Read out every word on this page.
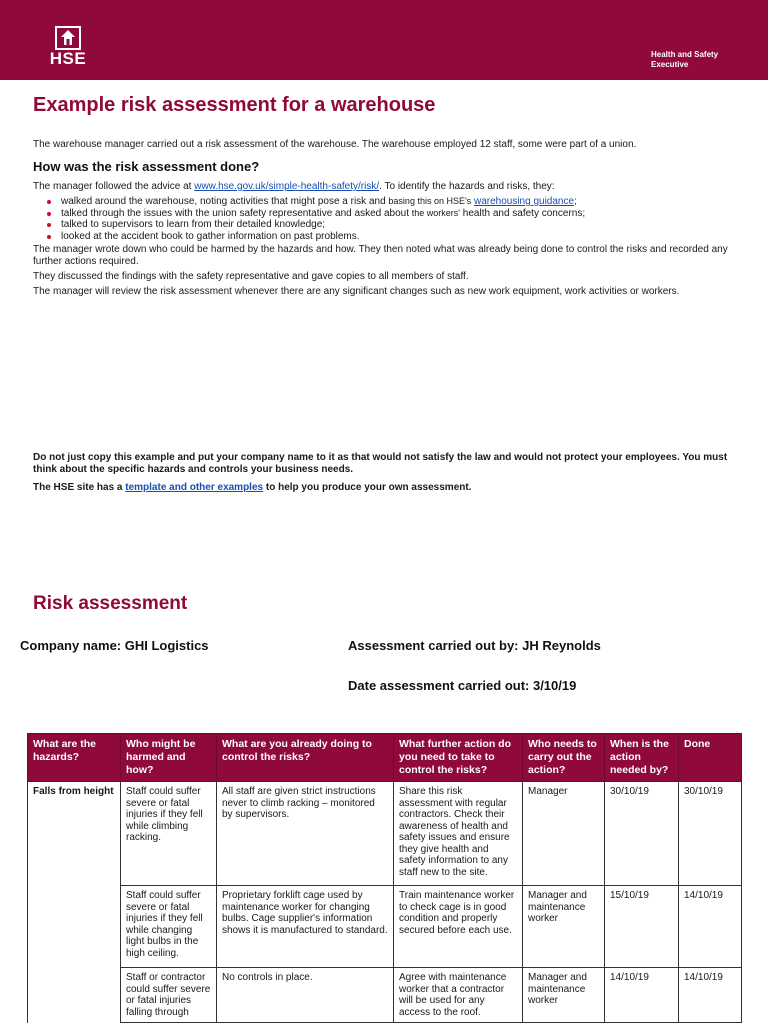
HSE	Health and Safety
Executive
Example risk assessment for a warehouse

The warehouse manager carried out a risk assessment of the warehouse. The warehouse employed 12 staff, some were part of a union.

How was the risk assessment done?

The manager followed the advice at www.hse.gov.uk/simple-health-safety/risk/. To identify the hazards and risks, they:

walked around the warehouse, noting activities that might pose a risk and basing this on HSE's warehousing guidance;
talked through the issues with the union safety representative and asked about the workers' health and safety concerns;
talked to supervisors to learn from their detailed knowledge;
looked at the accident book to gather information on past problems.

The manager wrote down who could be harmed by the hazards and how. They then noted what was already being done to control the risks and recorded any further actions required.

They discussed the findings with the safety representative and gave copies to all members of staff.

The manager will review the risk assessment whenever there are any significant changes such as new work equipment, work activities or workers.

Do not just copy this example and put your company name to it as that would not satisfy the law and would not protect your employees. You must think about the specific hazards and controls your business needs.

The HSE site has a template and other examples to help you produce your own assessment.

Risk assessment
Company name: GHI Logistics	Assessment carried out by: JH Reynolds
Date assessment carried out: 3/10/19
What are the hazards?	Who might be harmed and how?	What are you already doing to control the risks?	What further action do you need to take to control the risks?	Who needs to carry out the action?	When is the action needed by?	Done
Falls from height	Staff could suffer severe or fatal injuries if they fell while climbing racking.	All staff are given strict instructions never to climb racking – monitored by supervisors.	Share this risk assessment with regular contractors. Check their awareness of health and safety issues and ensure they give health and safety information to any staff new to the site.	Manager	30/10/19	30/10/19
	Staff could suffer severe or fatal injuries if they fell while changing light bulbs in the high ceiling.	Proprietary forklift cage used by maintenance worker for changing bulbs. Cage supplier's information shows it is manufactured to standard.	Train maintenance worker to check cage is in good condition and properly secured before each use.	Manager and maintenance worker	15/10/19	14/10/19
	Staff or contractor could suffer severe or fatal injuries falling through	No controls in place.	Agree with maintenance worker that a contractor will be used for any access to the roof.	Manager and maintenance worker	14/10/19	14/10/19
